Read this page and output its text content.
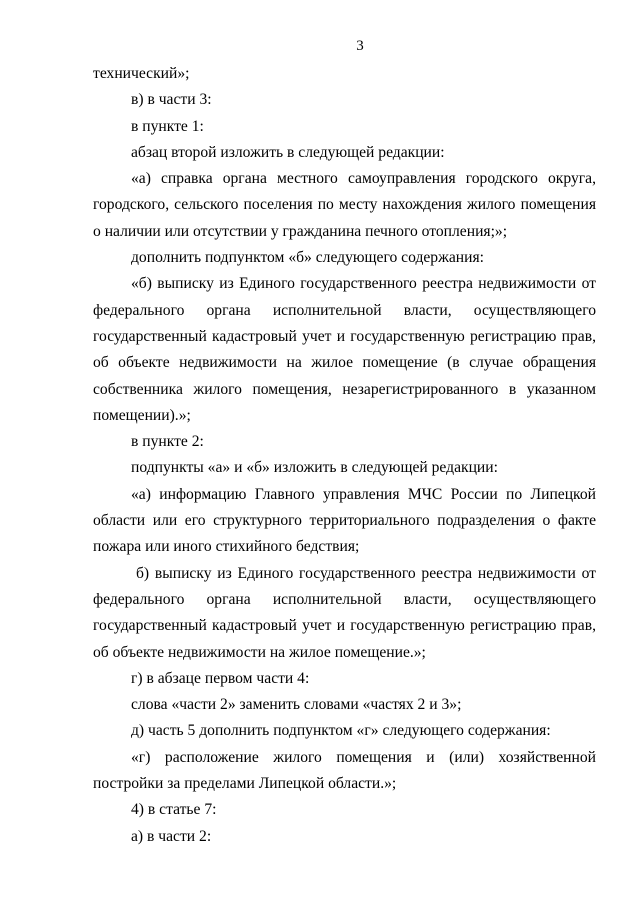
3

технический»;

в) в части 3:

в пункте 1:

абзац второй изложить в следующей редакции:

«а) справка органа местного самоуправления городского округа, городского, сельского поселения по месту нахождения жилого помещения о наличии или отсутствии у гражданина печного отопления;»;

дополнить подпунктом «б» следующего содержания:

«б) выписку из Единого государственного реестра недвижимости от федерального органа исполнительной власти, осуществляющего государственный кадастровый учет и государственную регистрацию прав, об объекте недвижимости на жилое помещение (в случае обращения собственника жилого помещения, незарегистрированного в указанном помещении).»;

в пункте 2:

подпункты «а» и «б» изложить в следующей редакции:

«а) информацию Главного управления МЧС России по Липецкой области или его структурного территориального подразделения о факте пожара или иного стихийного бедствия;

б) выписку из Единого государственного реестра недвижимости от федерального органа исполнительной власти, осуществляющего государственный кадастровый учет и государственную регистрацию прав, об объекте недвижимости на жилое помещение.»;

г) в абзаце первом части 4:

слова «части 2» заменить словами «частях 2 и 3»;

д) часть 5 дополнить подпунктом «г» следующего содержания:

«г) расположение жилого помещения и (или) хозяйственной постройки за пределами Липецкой области.»;

4) в статье 7:

а) в части 2:
